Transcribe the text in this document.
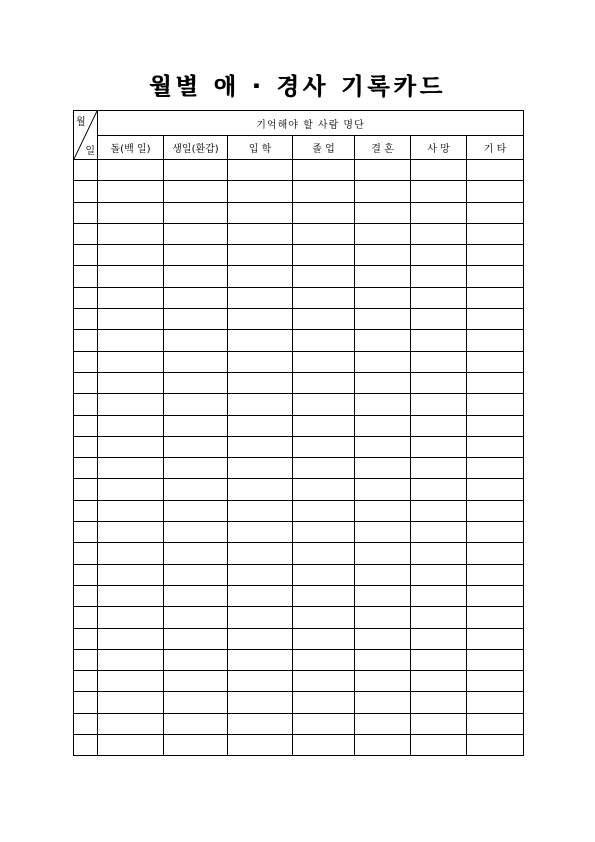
월별 애 · 경사 기록카드
월
일	기억해야 할 사람 명단						
	돌(백 일)	생일(환갑)	입 학	졸 업	결 혼	사 망	기 타
